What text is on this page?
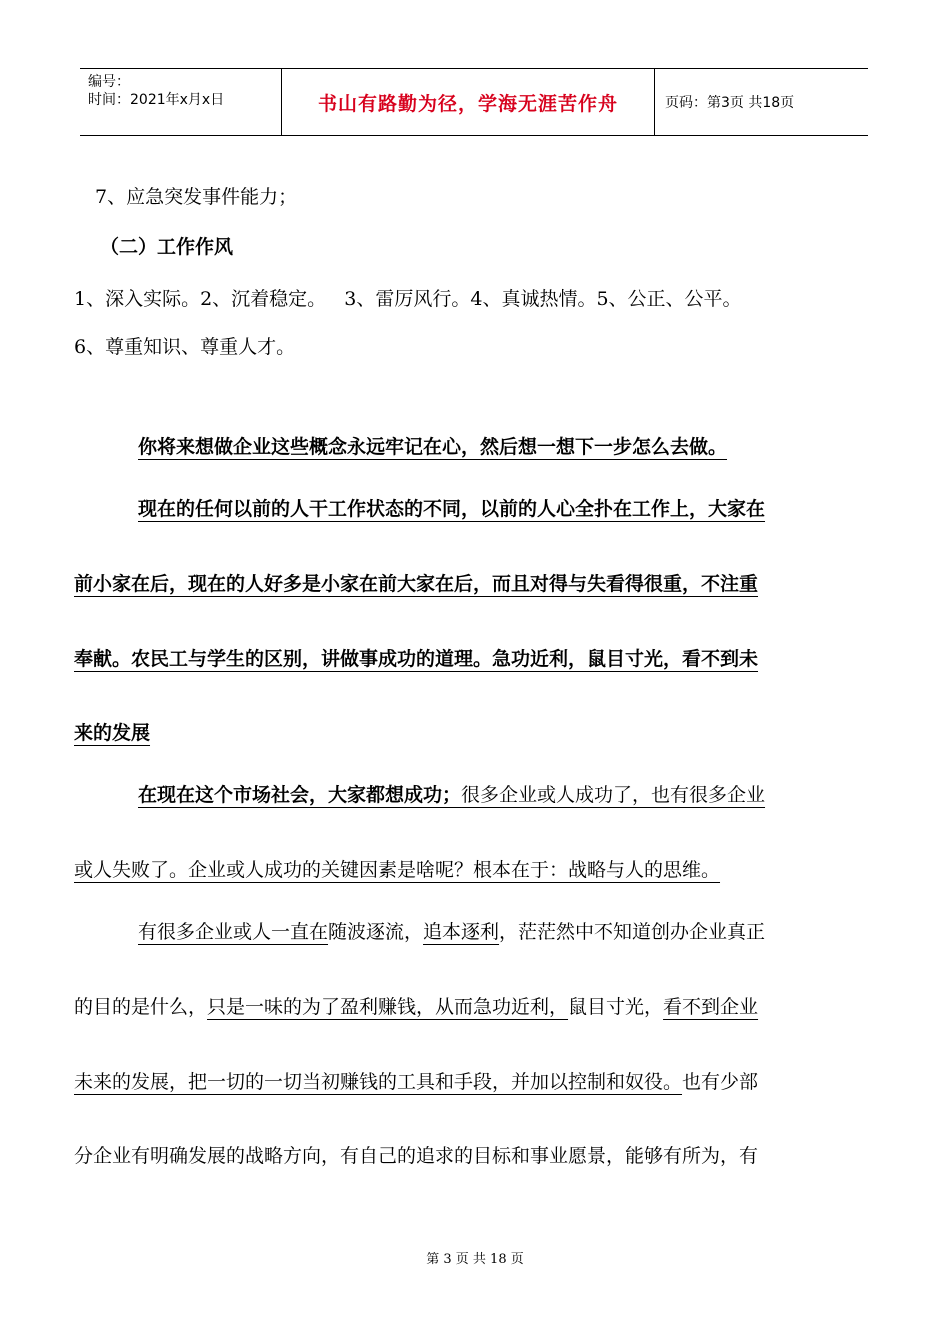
编号：
时间：2021年x月x日	书山有路勤为径，学海无涯苦作舟	页码：第3页 共18页
7、应急突发事件能力；
（二）工作作风
1、深入实际。2、沉着稳定。   3、雷厉风行。4、真诚热情。5、公正、公平。
6、尊重知识、尊重人才。
你将来想做企业这些概念永远牢记在心，然后想一想下一步怎么去做。
现在的任何以前的人干工作状态的不同，以前的人心全扑在工作上，大家在
前小家在后，现在的人好多是小家在前大家在后，而且对得与失看得很重，不注重
奉献。农民工与学生的区别，讲做事成功的道理。急功近利，鼠目寸光，看不到未
来的发展
在现在这个市场社会，大家都想成功；很多企业或人成功了，也有很多企业
或人失败了。企业或人成功的关键因素是啥呢？根本在于：战略与人的思维。
有很多企业或人一直在随波逐流，追本逐利，茫茫然中不知道创办企业真正
的目的是什么，只是一味的为了盈利赚钱，从而急功近利，鼠目寸光，看不到企业
未来的发展，把一切的一切当初赚钱的工具和手段，并加以控制和奴役。也有少部
分企业有明确发展的战略方向，有自己的追求的目标和事业愿景，能够有所为，有
第 3 页 共 18 页
